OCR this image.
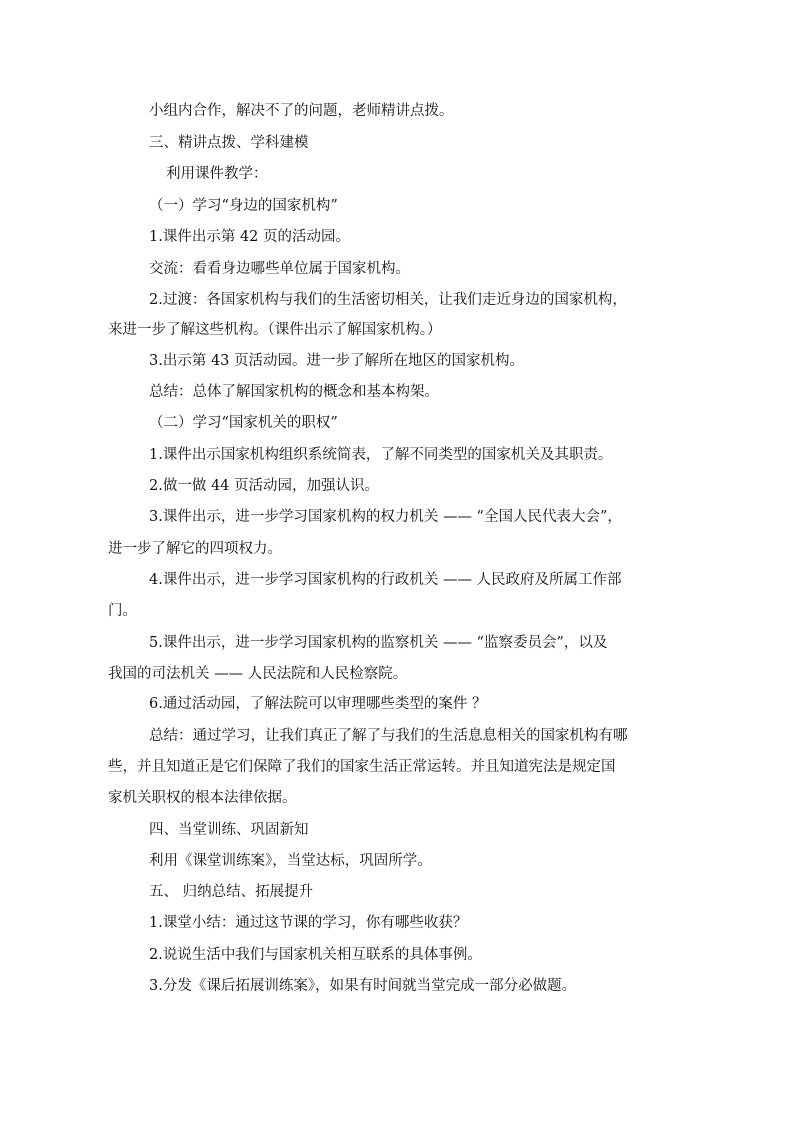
小组内合作，解决不了的问题，老师精讲点拨。
三、精讲点拨、学科建模
利用课件教学：
（一）学习“身边的国家机构”
1.课件出示第 42 页的活动园。
交流：看看身边哪些单位属于国家机构。
2.过渡：各国家机构与我们的生活密切相关，让我们走近身边的国家机构，
来进一步了解这些机构。（课件出示了解国家机构。）
3.出示第 43 页活动园。进一步了解所在地区的国家机构。
总结：总体了解国家机构的概念和基本构架。
（二）学习“国家机关的职权”
1.课件出示国家机构组织系统简表，了解不同类型的国家机关及其职责。
2.做一做 44 页活动园，加强认识。
3.课件出示，进一步学习国家机构的权力机关 —— “全国人民代表大会”，
进一步了解它的四项权力。
4.课件出示，进一步学习国家机构的行政机关 —— 人民政府及所属工作部
门。
5.课件出示，进一步学习国家机构的监察机关 —— “监察委员会”，以及
我国的司法机关 —— 人民法院和人民检察院。
6.通过活动园，了解法院可以审理哪些类型的案件 ？
总结：通过学习，让我们真正了解了与我们的生活息息相关的国家机构有哪
些，并且知道正是它们保障了我们的国家生活正常运转。并且知道宪法是规定国
家机关职权的根本法律依据。
四、当堂训练、巩固新知
利用《课堂训练案》，当堂达标，巩固所学。
五、 归纳总结、拓展提升
1.课堂小结：通过这节课的学习，你有哪些收获？
2.说说生活中我们与国家机关相互联系的具体事例。
3.分发《课后拓展训练案》，如果有时间就当堂完成一部分必做题。
